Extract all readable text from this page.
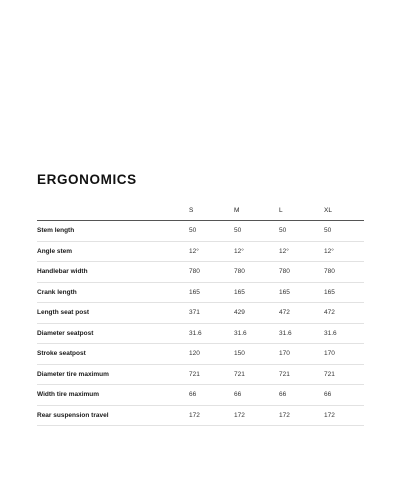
ERGONOMICS
	S	M	L	XL
Stem length	50	50	50	50
Angle stem	12°	12°	12°	12°
Handlebar width	780	780	780	780
Crank length	165	165	165	165
Length seat post	371	429	472	472
Diameter seatpost	31.6	31.6	31.6	31.6
Stroke seatpost	120	150	170	170
Diameter tire maximum	721	721	721	721
Width tire maximum	66	66	66	66
Rear suspension travel	172	172	172	172
